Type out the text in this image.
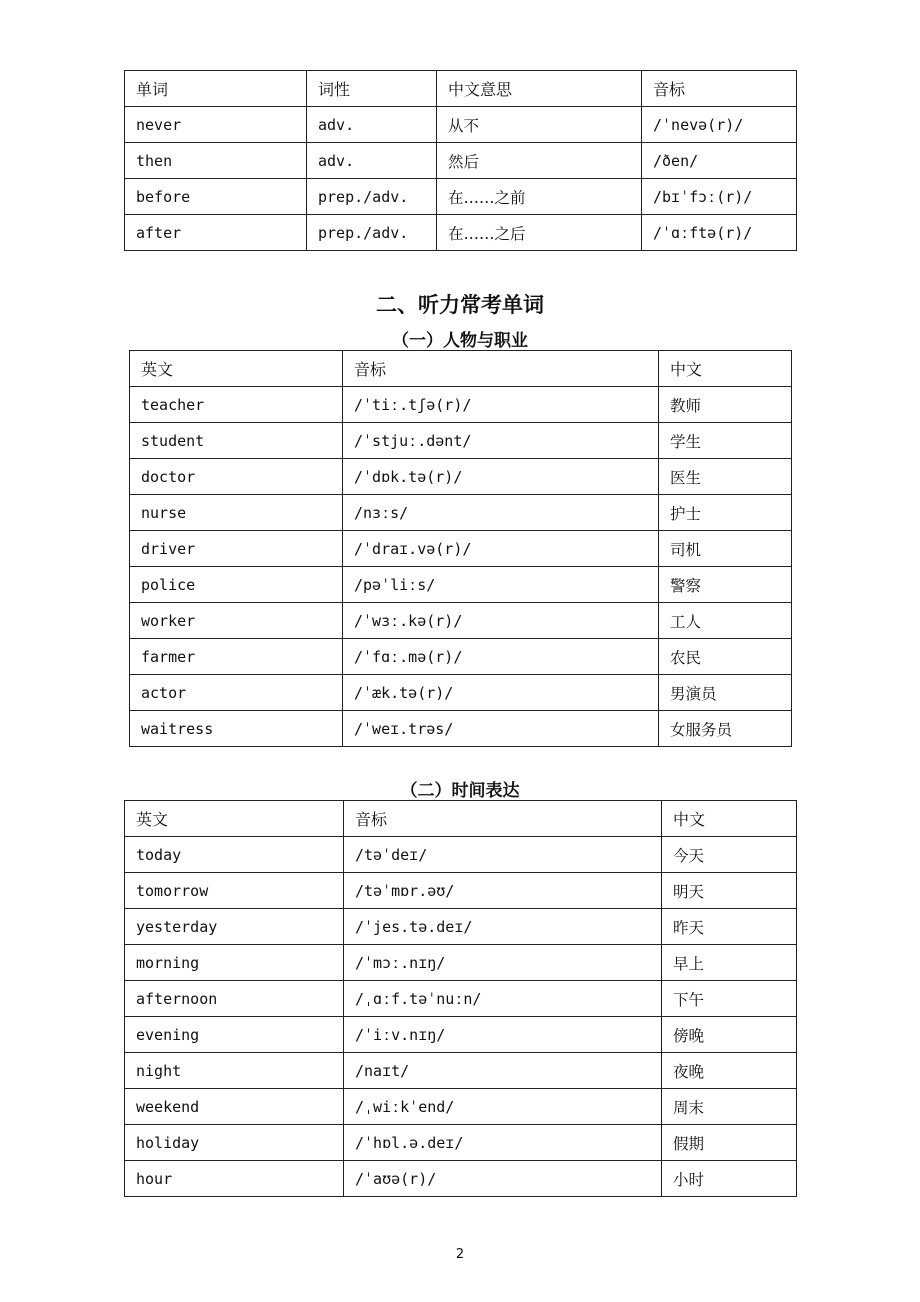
单词	词性	中文意思	音标
never	adv.	从不	/ˈnevə(r)/
then	adv.	然后	/ðen/
before	prep./adv.	在……之前	/bɪˈfɔː(r)/
after	prep./adv.	在……之后	/ˈɑːftə(r)/
二、听力常考单词
（一）人物与职业
英文	音标	中文
teacher	/ˈtiː.tʃə(r)/	教师
student	/ˈstjuː.dənt/	学生
doctor	/ˈdɒk.tə(r)/	医生
nurse	/nɜːs/	护士
driver	/ˈdraɪ.və(r)/	司机
police	/pəˈliːs/	警察
worker	/ˈwɜː.kə(r)/	工人
farmer	/ˈfɑː.mə(r)/	农民
actor	/ˈæk.tə(r)/	男演员
waitress	/ˈweɪ.trəs/	女服务员
（二）时间表达
英文	音标	中文
today	/təˈdeɪ/	今天
tomorrow	/təˈmɒr.əʊ/	明天
yesterday	/ˈjes.tə.deɪ/	昨天
morning	/ˈmɔː.nɪŋ/	早上
afternoon	/ˌɑːf.təˈnuːn/	下午
evening	/ˈiːv.nɪŋ/	傍晚
night	/naɪt/	夜晚
weekend	/ˌwiːkˈend/	周末
holiday	/ˈhɒl.ə.deɪ/	假期
hour	/ˈaʊə(r)/	小时
2
